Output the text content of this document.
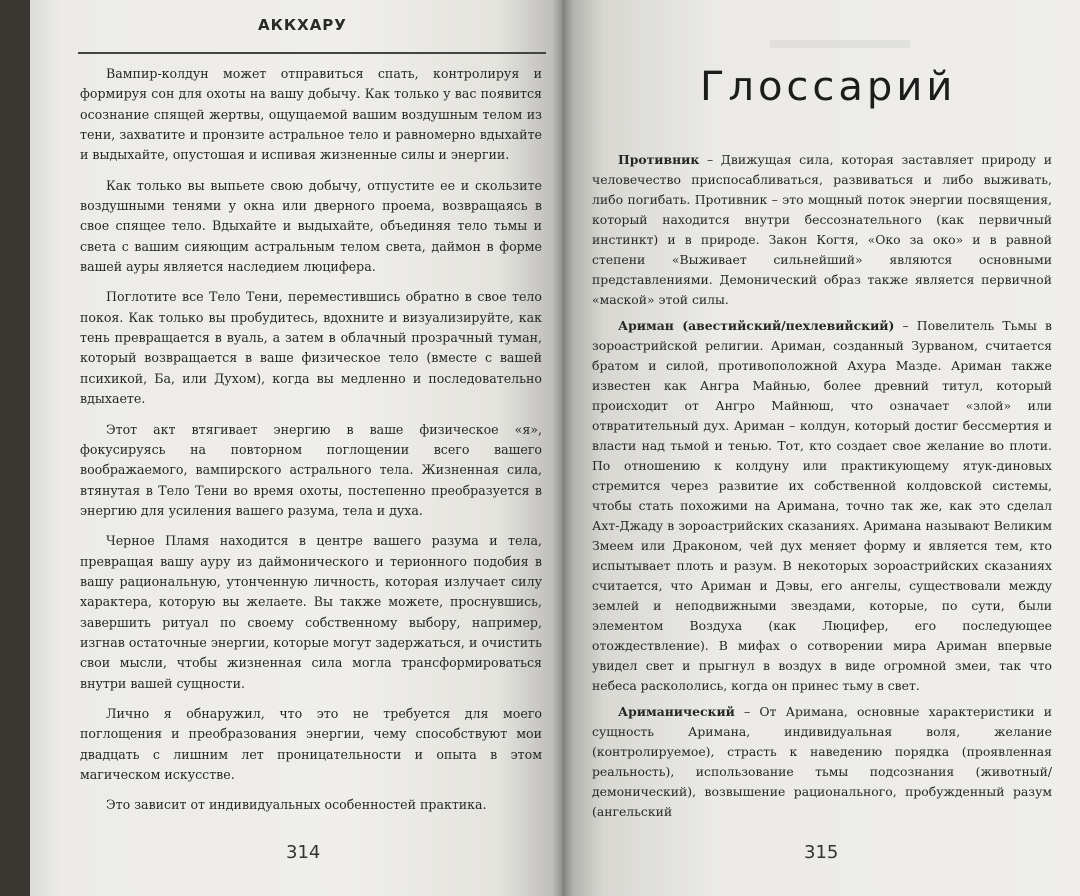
АККХАРУ

Вампир-колдун может отправиться спать, контролируя и формируя сон для охоты на вашу добычу. Как только у вас появится осознание спящей жертвы, ощущаемой вашим воздушным телом из тени, захватите и пронзите астральное тело и равномерно вдыхайте и выдыхайте, опустошая и испивая жизненные силы и энергии.

Как только вы выпьете свою добычу, отпустите ее и скользите воздушными тенями у окна или дверного проема, возвращаясь в свое спящее тело. Вдыхайте и выдыхайте, объединяя тело тьмы и света с вашим сияющим астральным телом света, даймон в форме вашей ауры является наследием люцифера.

Поглотите все Тело Тени, переместившись обратно в свое тело покоя. Как только вы пробудитесь, вдохните и визуализируйте, как тень превращается в вуаль, а затем в облачный прозрачный туман, который возвращается в ваше физическое тело (вместе с вашей психикой, Ба, или Духом), когда вы медленно и последовательно вдыхаете.

Этот акт втягивает энергию в ваше физическое «я», фокусируясь на повторном поглощении всего вашего воображаемого, вампирского астрального тела. Жизненная сила, втянутая в Тело Тени во время охоты, постепенно преобразуется в энергию для усиления вашего разума, тела и духа.

Черное Пламя находится в центре вашего разума и тела, превращая вашу ауру из даймонического и терионного подобия в вашу рациональную, утонченную личность, которая излучает силу характера, которую вы желаете. Вы также можете, проснувшись, завершить ритуал по своему собственному выбору, например, изгнав остаточные энергии, которые могут задержаться, и очистить свои мысли, чтобы жизненная сила могла трансформироваться внутри вашей сущности.

Лично я обнаружил, что это не требуется для моего поглощения и преобразования энергии, чему способствуют мои двадцать с лишним лет проницательности и опыта в этом магическом искусстве.

Это зависит от индивидуальных особенностей практика.

Глоссарий

Противник – Движущая сила, которая заставляет природу и человечество приспосабливаться, развиваться и либо выживать, либо погибать. Противник – это мощный поток энергии посвящения, который находится внутри бессознательного (как первичный инстинкт) и в природе. Закон Когтя, «Око за око» и в равной степени «Выживает сильнейший» являются основными представлениями. Демонический образ также является первичной «маской» этой силы.

Ариман (авестийский/пехлевийский) – Повелитель Тьмы в зороастрийской религии. Ариман, созданный Зурваном, считается братом и силой, противоположной Ахура Мазде. Ариман также известен как Ангра Майнью, более древний титул, который происходит от Ангро Майнюш, что означает «злой» или отвратительный дух. Ариман – колдун, который достиг бессмертия и власти над тьмой и тенью. Тот, кто создает свое желание во плоти. По отношению к колдуну или практикующему ятук-диновых стремится через развитие их собственной колдовской системы, чтобы стать похожими на Аримана, точно так же, как это сделал Ахт-Джаду в зороастрийских сказаниях. Аримана называют Великим Змеем или Драконом, чей дух меняет форму и является тем, кто испытывает плоть и разум. В некоторых зороастрийских сказаниях считается, что Ариман и Дэвы, его ангелы, существовали между землей и неподвижными звездами, которые, по сути, были элементом Воздуха (как Люцифер, его последующее отождествление). В мифах о сотворении мира Ариман впервые увидел свет и прыгнул в воздух в виде огромной змеи, так что небеса раскололись, когда он принес тьму в свет.

Ариманический – От Аримана, основные характеристики и сущность Аримана, индивидуальная воля, желание (контролируемое), страсть к наведению порядка (проявленная реальность), использование тьмы подсознания (животный/демонический), возвышение рационального, пробужденный разум (ангельский

314	315
